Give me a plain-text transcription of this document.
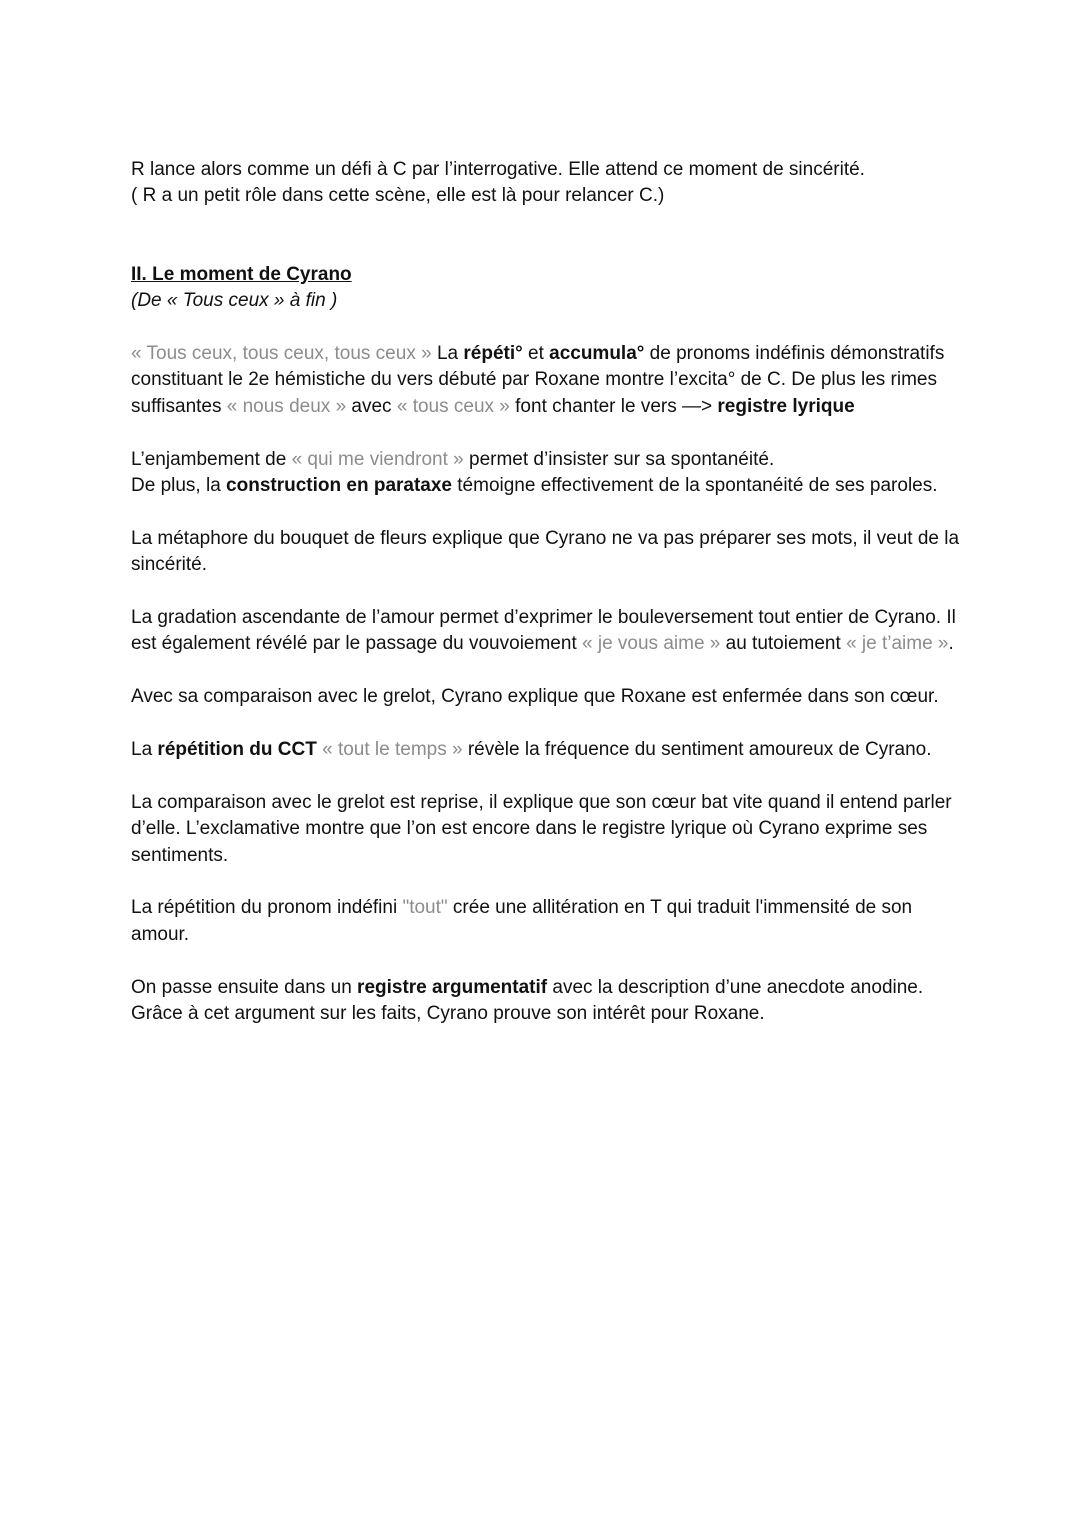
R lance alors comme un défi à C par l’interrogative. Elle attend ce moment de sincérité.

( R a un petit rôle dans cette scène, elle est là pour relancer C.)

II. Le moment de Cyrano

(De « Tous ceux » à fin )

« Tous ceux, tous ceux, tous ceux » La répéti° et accumula° de pronoms indéfinis démonstratifs constituant le 2e hémistiche du vers débuté par Roxane montre l’excita° de C. De plus les rimes suffisantes « nous deux » avec « tous ceux » font chanter le vers —> registre lyrique

L’enjambement de « qui me viendront » permet d’insister sur sa spontanéité.
De plus, la construction en parataxe témoigne effectivement de la spontanéité de ses paroles.

La métaphore du bouquet de fleurs explique que Cyrano ne va pas préparer ses mots, il veut de la sincérité.

La gradation ascendante de l’amour permet d’exprimer le bouleversement tout entier de Cyrano. Il est également révélé par le passage du vouvoiement « je vous aime » au tutoiement « je t’aime ».

Avec sa comparaison avec le grelot, Cyrano explique que Roxane est enfermée dans son cœur.

La répétition du CCT « tout le temps » révèle la fréquence du sentiment amoureux de Cyrano.

La comparaison avec le grelot est reprise, il explique que son cœur bat vite quand il entend parler d’elle. L’exclamative montre que l’on est encore dans le registre lyrique où Cyrano exprime ses sentiments.

La répétition du pronom indéfini "tout" crée une allitération en T qui traduit l'immensité de son amour.

On passe ensuite dans un registre argumentatif avec la description d’une anecdote anodine. Grâce à cet argument sur les faits, Cyrano prouve son intérêt pour Roxane.
